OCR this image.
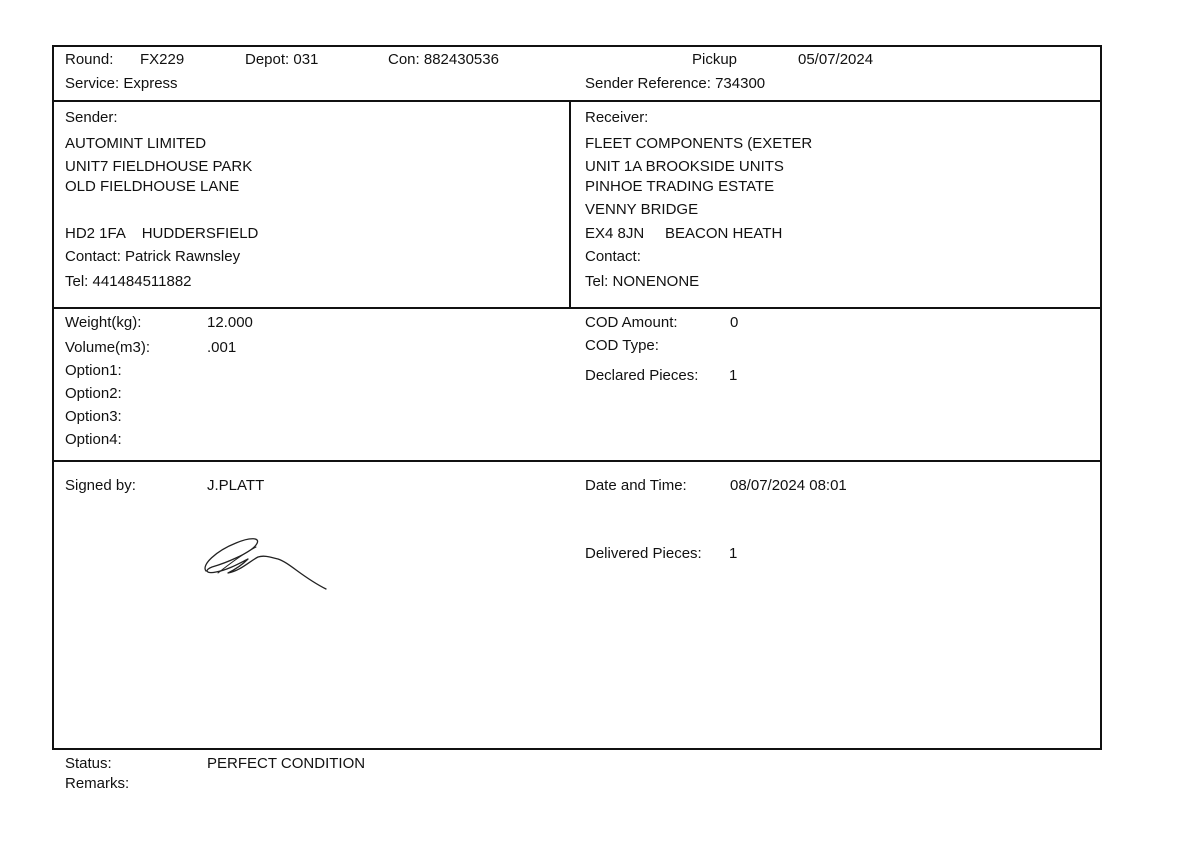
Round: FX229	Depot: 031	Con: 882430536	Pickup	05/07/2024
Service: Express	Sender Reference: 734300
Sender:
AUTOMINT LIMITED
UNIT7 FIELDHOUSE PARK
OLD FIELDHOUSE LANE
HD2 1FA    HUDDERSFIELD
Contact: Patrick Rawnsley
Tel: 441484511882
Receiver:
FLEET COMPONENTS (EXETER
UNIT 1A BROOKSIDE UNITS
PINHOE TRADING ESTATE
VENNY BRIDGE
EX4 8JN     BEACON HEATH
Contact:
Tel: NONENONE
Weight(kg):	12.000
Volume(m3):	.001
Option1:
Option2:
Option3:
Option4:
COD Amount:	0
COD Type:
Declared Pieces: 1
Signed by:	J.PLATT	Date and Time:	08/07/2024 08:01
Delivered Pieces: 1
Status:	PERFECT CONDITION
Remarks:
